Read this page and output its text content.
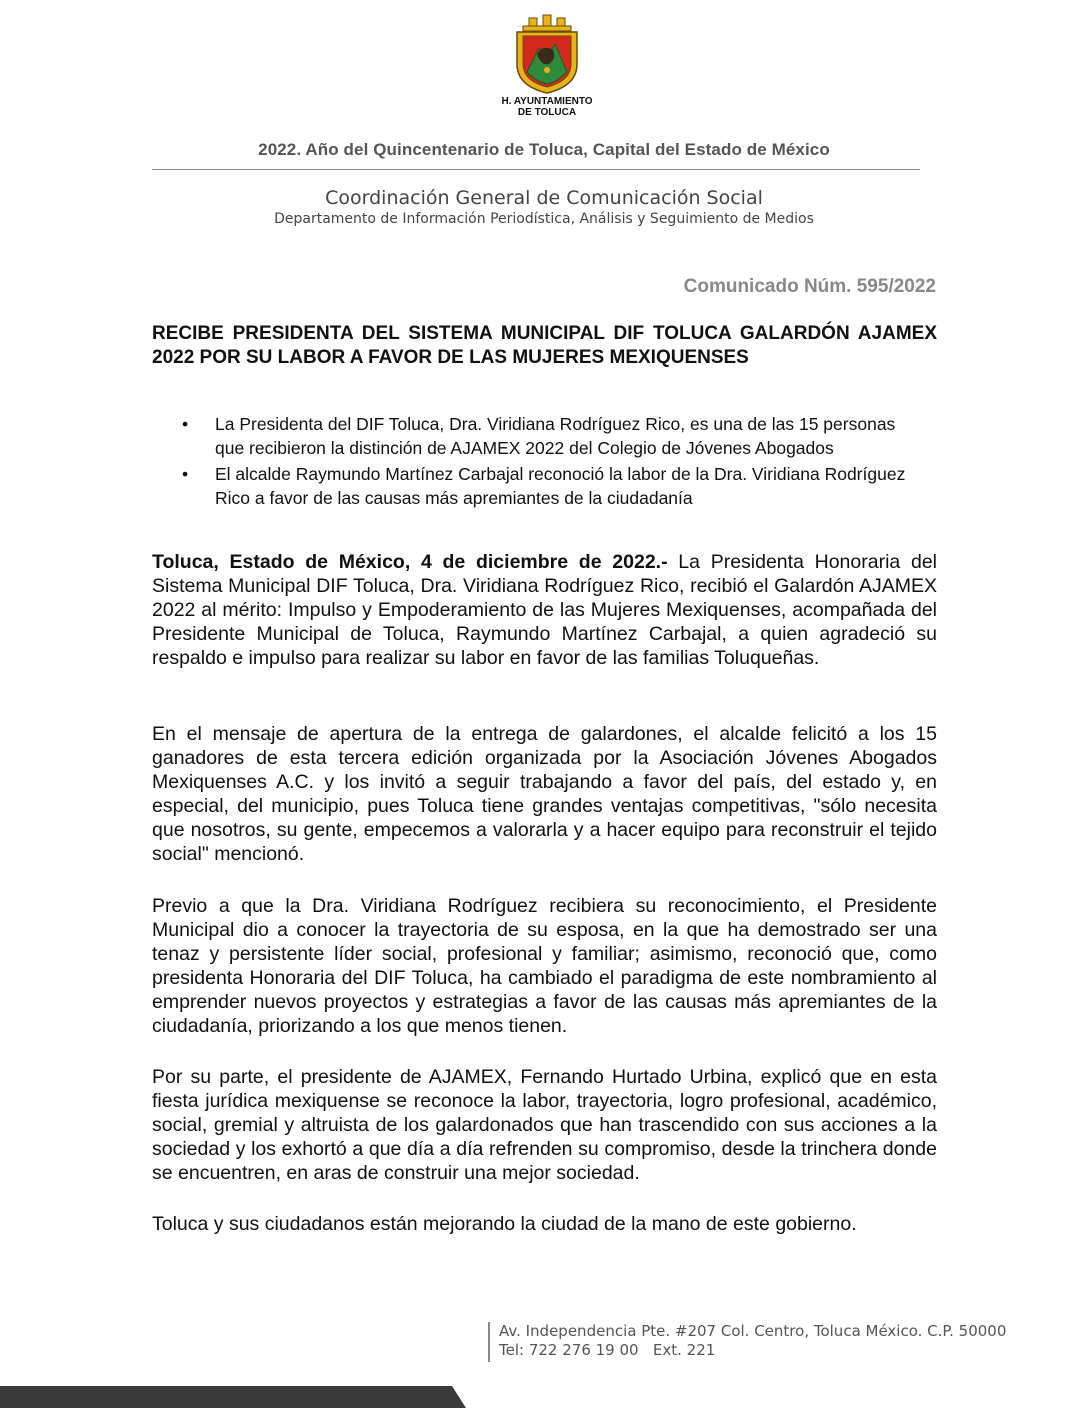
H. AYUNTAMIENTO
DE TOLUCA
2022. Año del Quincentenario de Toluca, Capital del Estado de México
Coordinación General de Comunicación Social
Departamento de Información Periodística, Análisis y Seguimiento de Medios
Comunicado Núm. 595/2022
RECIBE PRESIDENTA DEL SISTEMA MUNICIPAL DIF TOLUCA GALARDÓN AJAMEX 2022 POR SU LABOR A FAVOR DE LAS MUJERES MEXIQUENSES
• La Presidenta del DIF Toluca, Dra. Viridiana Rodríguez Rico, es una de las 15 personas que recibieron la distinción de AJAMEX 2022 del Colegio de Jóvenes Abogados
• El alcalde Raymundo Martínez Carbajal reconoció la labor de la Dra. Viridiana Rodríguez Rico a favor de las causas más apremiantes de la ciudadanía

Toluca, Estado de México, 4 de diciembre de 2022.- La Presidenta Honoraria del Sistema Municipal DIF Toluca, Dra. Viridiana Rodríguez Rico, recibió el Galardón AJAMEX 2022 al mérito: Impulso y Empoderamiento de las Mujeres Mexiquenses, acompañada del Presidente Municipal de Toluca, Raymundo Martínez Carbajal, a quien agradeció su respaldo e impulso para realizar su labor en favor de las familias Toluqueñas.

En el mensaje de apertura de la entrega de galardones, el alcalde felicitó a los 15 ganadores de esta tercera edición organizada por la Asociación Jóvenes Abogados Mexiquenses A.C. y los invitó a seguir trabajando a favor del país, del estado y, en especial, del municipio, pues Toluca tiene grandes ventajas competitivas, "sólo necesita que nosotros, su gente, empecemos a valorarla y a hacer equipo para reconstruir el tejido social" mencionó.

Previo a que la Dra. Viridiana Rodríguez recibiera su reconocimiento, el Presidente Municipal dio a conocer la trayectoria de su esposa, en la que ha demostrado ser una tenaz y persistente líder social, profesional y familiar; asimismo, reconoció que, como presidenta Honoraria del DIF Toluca, ha cambiado el paradigma de este nombramiento al emprender nuevos proyectos y estrategias a favor de las causas más apremiantes de la ciudadanía, priorizando a los que menos tienen.

Por su parte, el presidente de AJAMEX, Fernando Hurtado Urbina, explicó que en esta fiesta jurídica mexiquense se reconoce la labor, trayectoria, logro profesional, académico, social, gremial y altruista de los galardonados que han trascendido con sus acciones a la sociedad y los exhortó a que día a día refrenden su compromiso, desde la trinchera donde se encuentren, en aras de construir una mejor sociedad.

Toluca y sus ciudadanos están mejorando la ciudad de la mano de este gobierno.

Av. Independencia Pte. #207 Col. Centro, Toluca México. C.P. 50000
Tel: 722 276 19 00 Ext. 221
